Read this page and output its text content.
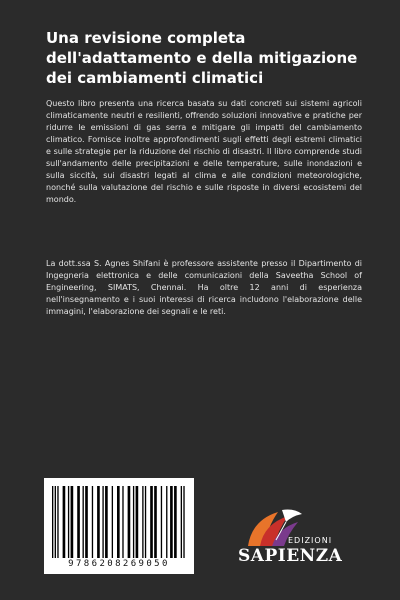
Una revisione completa dell'adattamento e della mitigazione dei cambiamenti climatici

Questo libro presenta una ricerca basata su dati concreti sui sistemi agricoli climaticamente neutri e resilienti, offrendo soluzioni innovative e pratiche per ridurre le emissioni di gas serra e mitigare gli impatti del cambiamento climatico. Fornisce inoltre approfondimenti sugli effetti degli estremi climatici e sulle strategie per la riduzione del rischio di disastri. Il libro comprende studi sull'andamento delle precipitazioni e delle temperature, sulle inondazioni e sulla siccità, sui disastri legati al clima e alle condizioni meteorologiche, nonché sulla valutazione del rischio e sulle risposte in diversi ecosistemi del mondo.

La dott.ssa S. Agnes Shifani è professore assistente presso il Dipartimento di Ingegneria elettronica e delle comunicazioni della Saveetha School of Engineering, SIMATS, Chennai. Ha oltre 12 anni di esperienza nell'insegnamento e i suoi interessi di ricerca includono l'elaborazione delle immagini, l'elaborazione dei segnali e le reti.

9786208269050
EDIZIONI
SAPIENZA
